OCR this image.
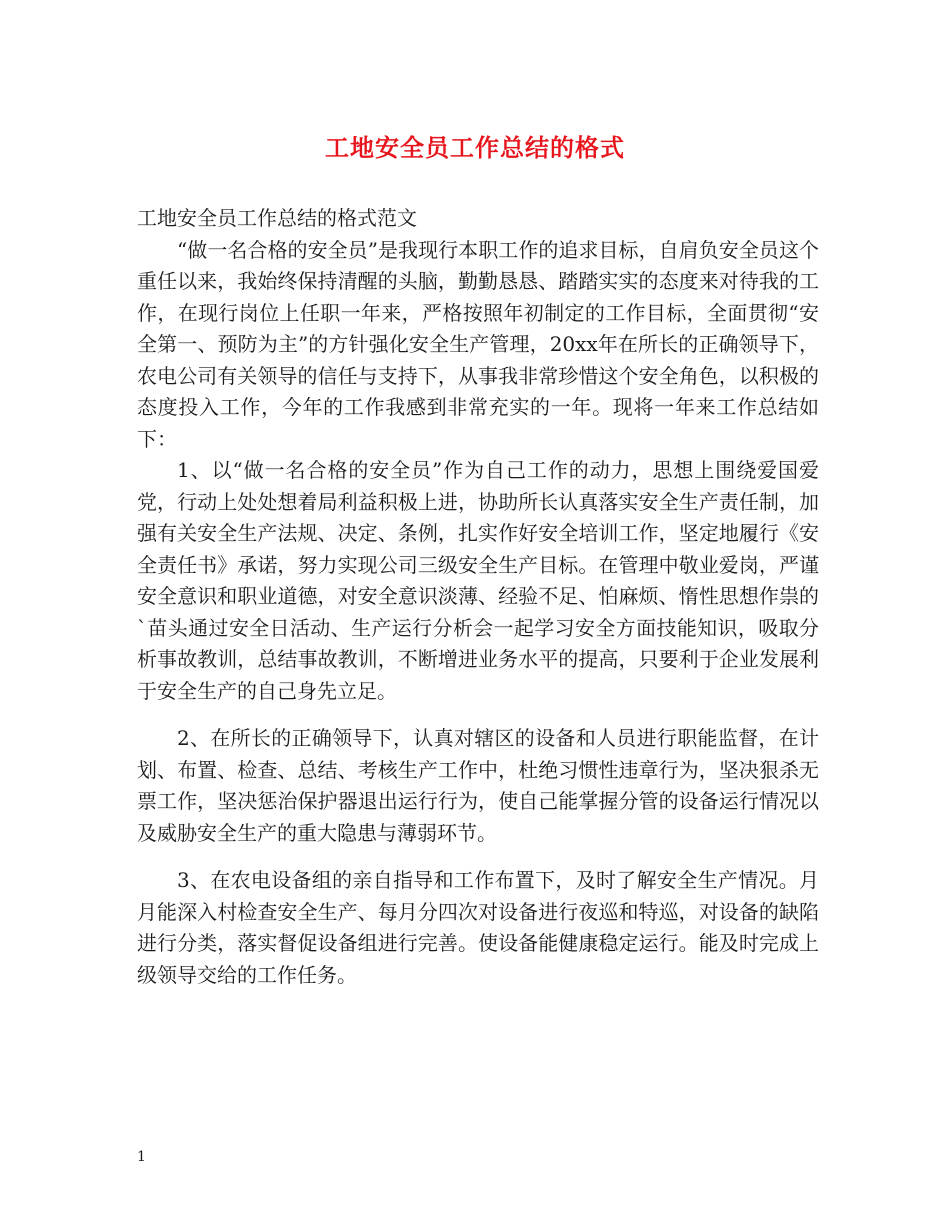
工地安全员工作总结的格式

工地安全员工作总结的格式范文

“做一名合格的安全员”是我现行本职工作的追求目标，自肩负安全员这个重任以来，我始终保持清醒的头脑，勤勤恳恳、踏踏实实的态度来对待我的工作，在现行岗位上任职一年来，严格按照年初制定的工作目标，全面贯彻“安全第一、预防为主”的方针强化安全生产管理，20xx年在所长的正确领导下，农电公司有关领导的信任与支持下，从事我非常珍惜这个安全角色，以积极的态度投入工作，今年的工作我感到非常充实的一年。现将一年来工作总结如下：

1、以“做一名合格的安全员”作为自己工作的动力，思想上围绕爱国爱党，行动上处处想着局利益积极上进，协助所长认真落实安全生产责任制，加强有关安全生产法规、决定、条例，扎实作好安全培训工作，坚定地履行《安全责任书》承诺，努力实现公司三级安全生产目标。在管理中敬业爱岗，严谨安全意识和职业道德，对安全意识淡薄、经验不足、怕麻烦、惰性思想作祟的`苗头通过安全日活动、生产运行分析会一起学习安全方面技能知识，吸取分析事故教训，总结事故教训，不断增进业务水平的提高，只要利于企业发展利于安全生产的自己身先立足。

2、在所长的正确领导下，认真对辖区的设备和人员进行职能监督，在计划、布置、检查、总结、考核生产工作中，杜绝习惯性违章行为，坚决狠杀无票工作，坚决惩治保护器退出运行行为，使自己能掌握分管的设备运行情况以及威胁安全生产的重大隐患与薄弱环节。

3、在农电设备组的亲自指导和工作布置下，及时了解安全生产情况。月月能深入村检查安全生产、每月分四次对设备进行夜巡和特巡，对设备的缺陷进行分类，落实督促设备组进行完善。使设备能健康稳定运行。能及时完成上级领导交给的工作任务。

1
